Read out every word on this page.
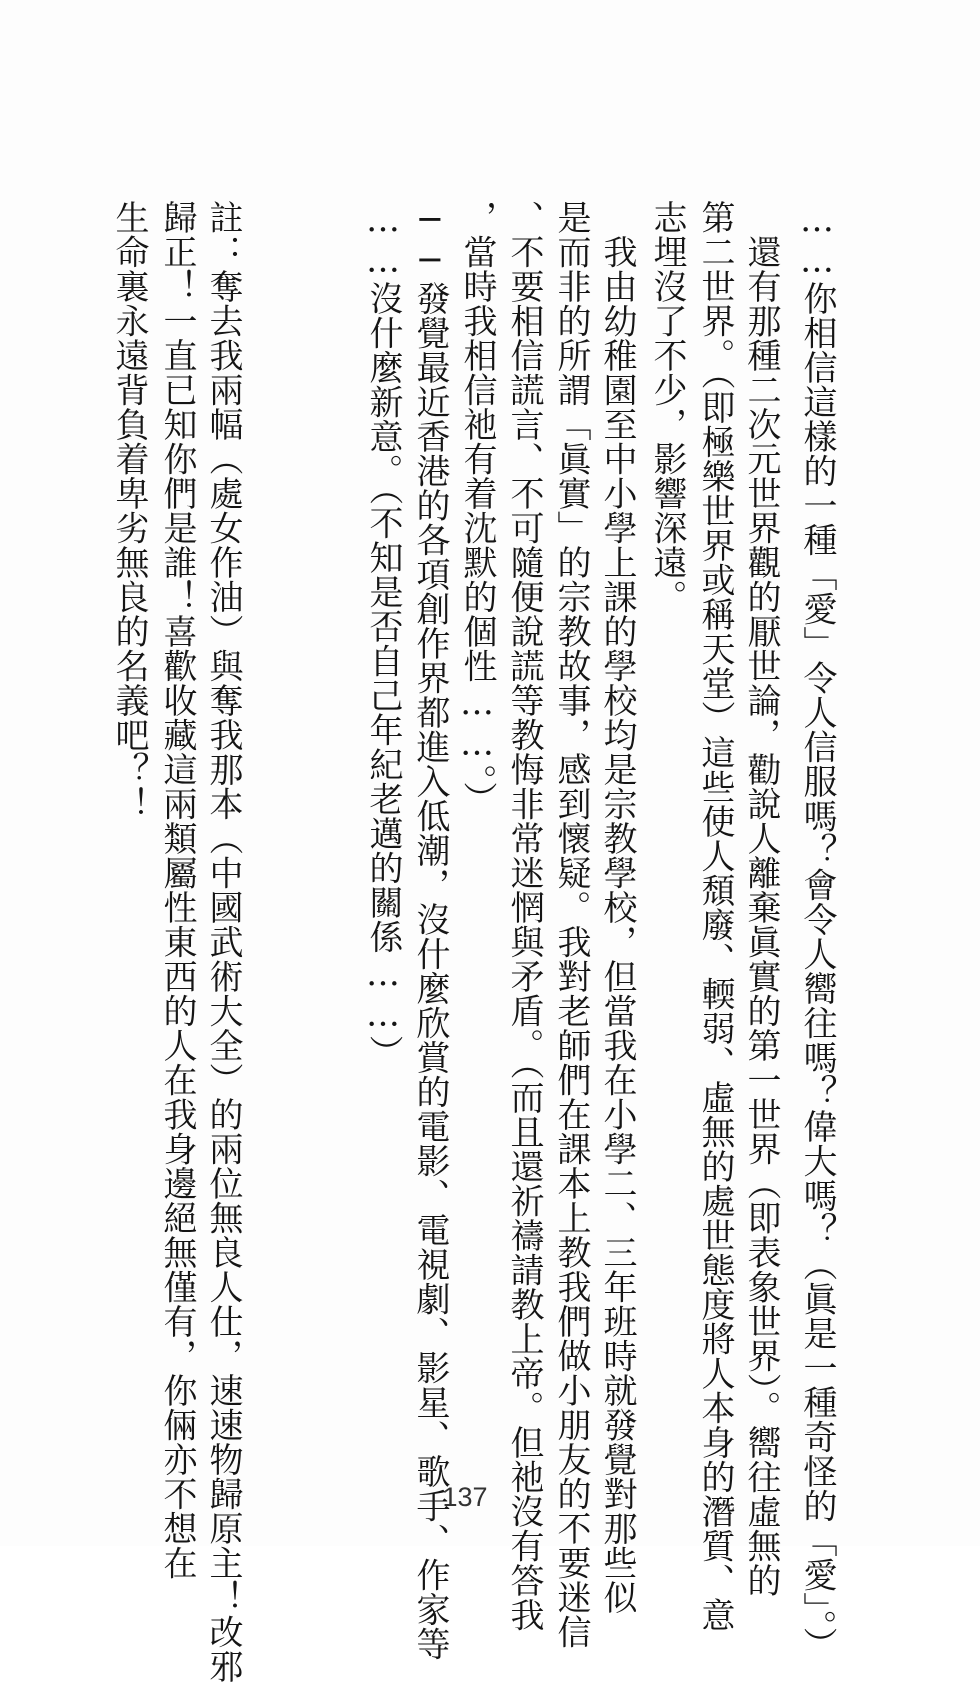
……你相信這樣的一種「愛」令人信服嗎？會令人嚮往嗎？偉大嗎？（眞是一種奇怪的「愛」。）

　還有那種二次元世界觀的厭世論，勸說人離棄眞實的第一世界（即表象世界）。嚮往虛無的

第二世界。（即極樂世界或稱天堂）這些使人頹廢、輭弱、虛無的處世態度將人本身的潛質、意

志埋沒了不少，影響深遠。

　我由幼稚園至中小學上課的學校均是宗教學校，但當我在小學二、三年班時就發覺對那些似

是而非的所謂「眞實」的宗教故事，感到懷疑。我對老師們在課本上教我們做小朋友的不要迷信

、不要相信謊言、不可隨便說謊等教悔非常迷惘與矛盾。（而且還祈禱請教上帝。但祂沒有答我

，當時我相信祂有着沈默的個性……。）

──發覺最近香港的各項創作界都進入低潮，沒什麼欣賞的電影、電視劇、影星、歌手、作家等

……沒什麼新意。（不知是否自己年紀老邁的關係……）

註：奪去我兩幅（處女作油）與奪我那本（中國武術大全）的兩位無良人仕，速速物歸原主！改邪

歸正！一直已知你們是誰！喜歡收藏這兩類屬性東西的人在我身邊絕無僅有，你倆亦不想在

生命裏永遠背負着卑劣無良的名義吧？！

137
